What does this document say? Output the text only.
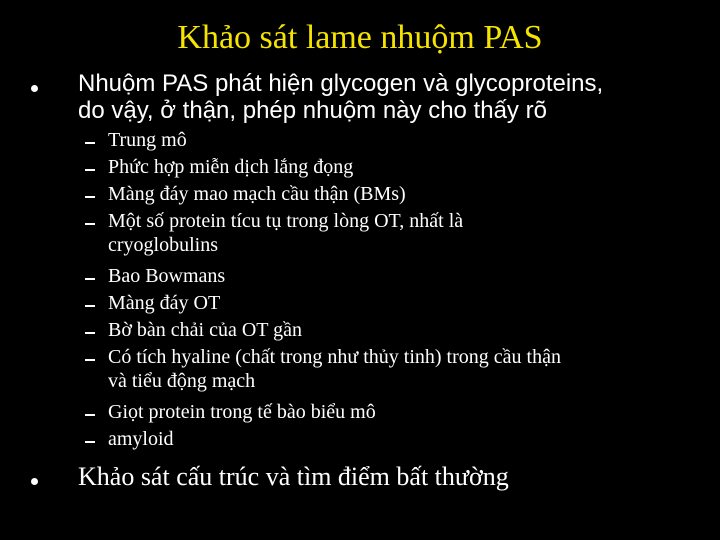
Khảo sát lame nhuộm PAS
Nhuộm PAS phát hiện glycogen và glycoproteins,
do vậy, ở thận, phép nhuộm này cho thấy rõ
Trung mô
Phức hợp miễn dịch lắng đọng
Màng đáy mao mạch cầu thận (BMs)
Một số protein tícu tụ trong lòng OT, nhất là
cryoglobulins
Bao Bowmans
Màng đáy OT
Bờ bàn chải của OT gần
Có tích hyaline (chất trong như thủy tinh) trong cầu thận
và tiểu động mạch
Giọt protein trong tế bào biểu mô
amyloid
Khảo sát cấu trúc và tìm điểm bất thường
